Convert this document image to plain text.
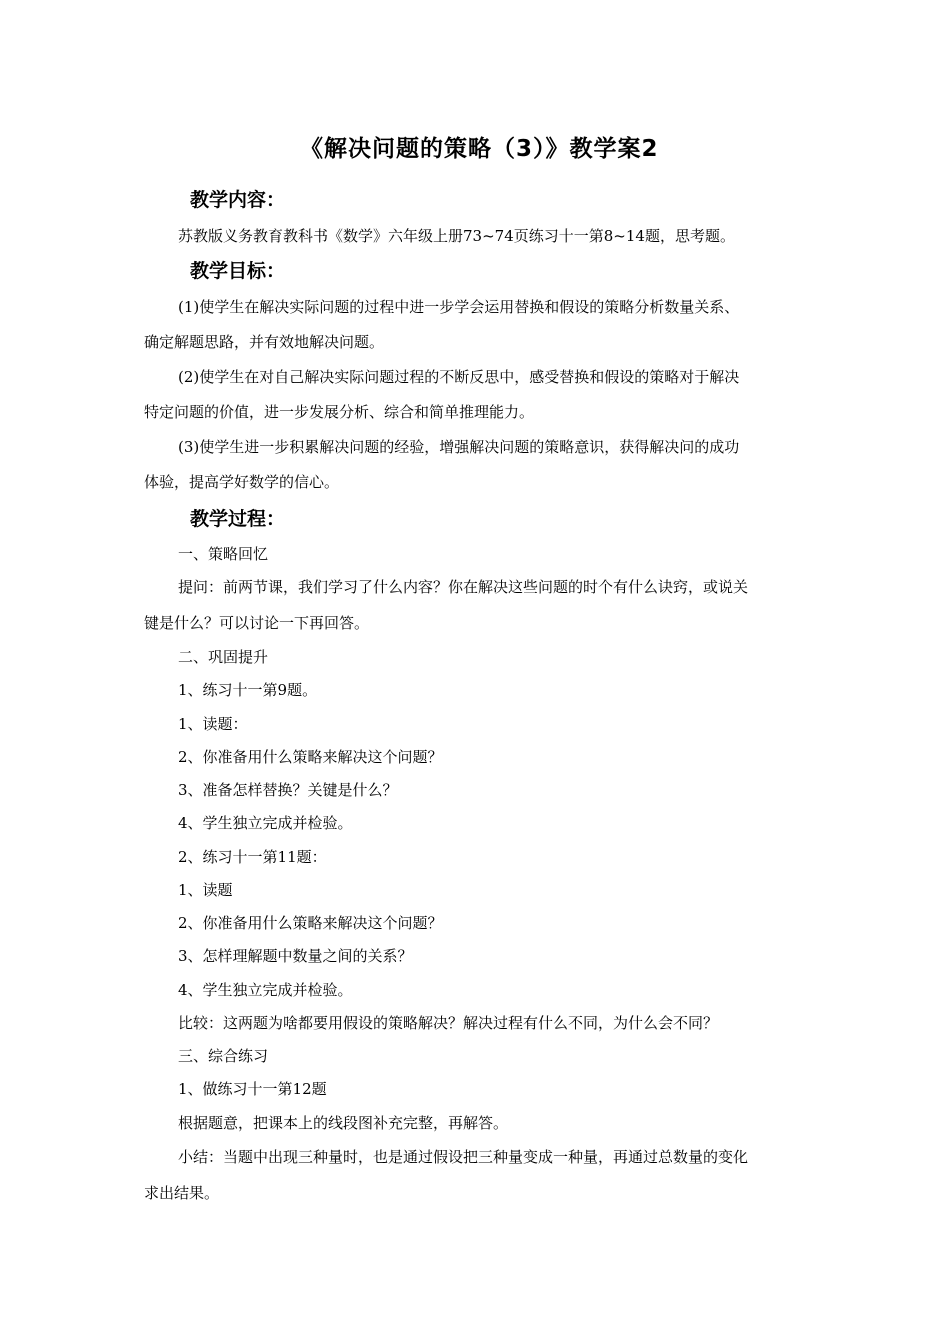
《解决问题的策略（3）》教学案2
教学内容：
苏教版义务教育教科书《数学》六年级上册73~74页练习十一第8~14题，思考题。
教学目标：
(1)使学生在解决实际问题的过程中进一步学会运用替换和假设的策略分析数量关系、
确定解题思路，并有效地解决问题。
(2)使学生在对自己解决实际问题过程的不断反思中，感受替换和假设的策略对于解决
特定问题的价值，进一步发展分析、综合和简单推理能力。
(3)使学生进一步积累解决问题的经验，增强解决问题的策略意识，获得解决问的成功
体验，提高学好数学的信心。
教学过程：
一、策略回忆
提问：前两节课，我们学习了什么内容？你在解决这些问题的时个有什么诀窍，或说关
键是什么？可以讨论一下再回答。
二、巩固提升
1、练习十一第9题。
1、读题：
2、你准备用什么策略来解决这个问题？
3、准备怎样替换？关键是什么？
4、学生独立完成并检验。
2、练习十一第11题：
1、读题
2、你准备用什么策略来解决这个问题？
3、怎样理解题中数量之间的关系？
4、学生独立完成并检验。
比较：这两题为啥都要用假设的策略解决？解决过程有什么不同，为什么会不同？
三、综合练习
1、做练习十一第12题
根据题意，把课本上的线段图补充完整，再解答。
小结：当题中出现三种量时，也是通过假设把三种量变成一种量，再通过总数量的变化
求出结果。
